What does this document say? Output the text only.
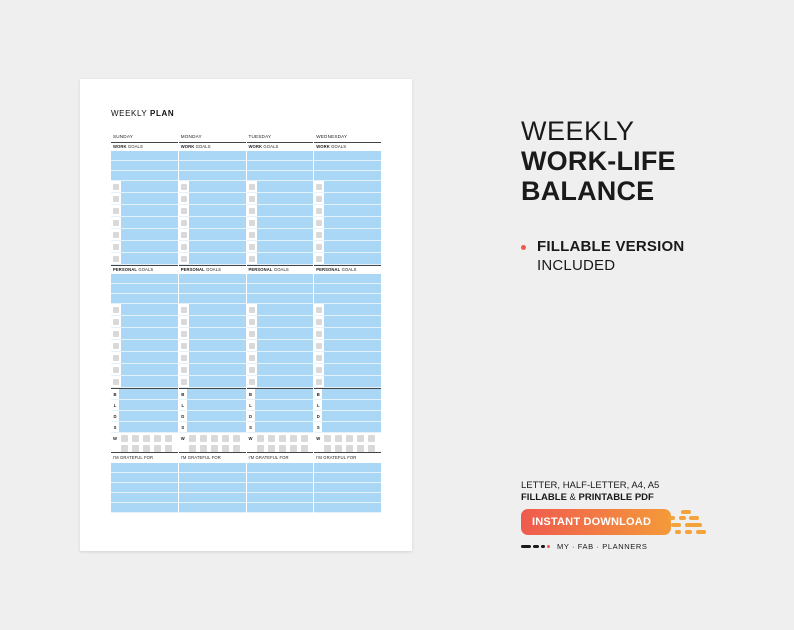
WEEKLY PLAN
SUNDAY
WORK GOALS
PERSONAL GOALS
B
L
D
S
W
I'M GRATEFUL FOR
MONDAY
WORK GOALS
PERSONAL GOALS
B
L
D
S
W
I'M GRATEFUL FOR
TUESDAY
WORK GOALS
PERSONAL GOALS
B
L
D
S
W
I'M GRATEFUL FOR
WEDNESDAY
WORK GOALS
PERSONAL GOALS
B
L
D
S
W
I'M GRATEFUL FOR
WEEKLY
WORK-LIFE
BALANCE
FILLABLE VERSION
INCLUDED
LETTER, HALF-LETTER, A4, A5
FILLABLE & PRINTABLE PDF
INSTANT DOWNLOAD
MY · FAB · PLANNERS
